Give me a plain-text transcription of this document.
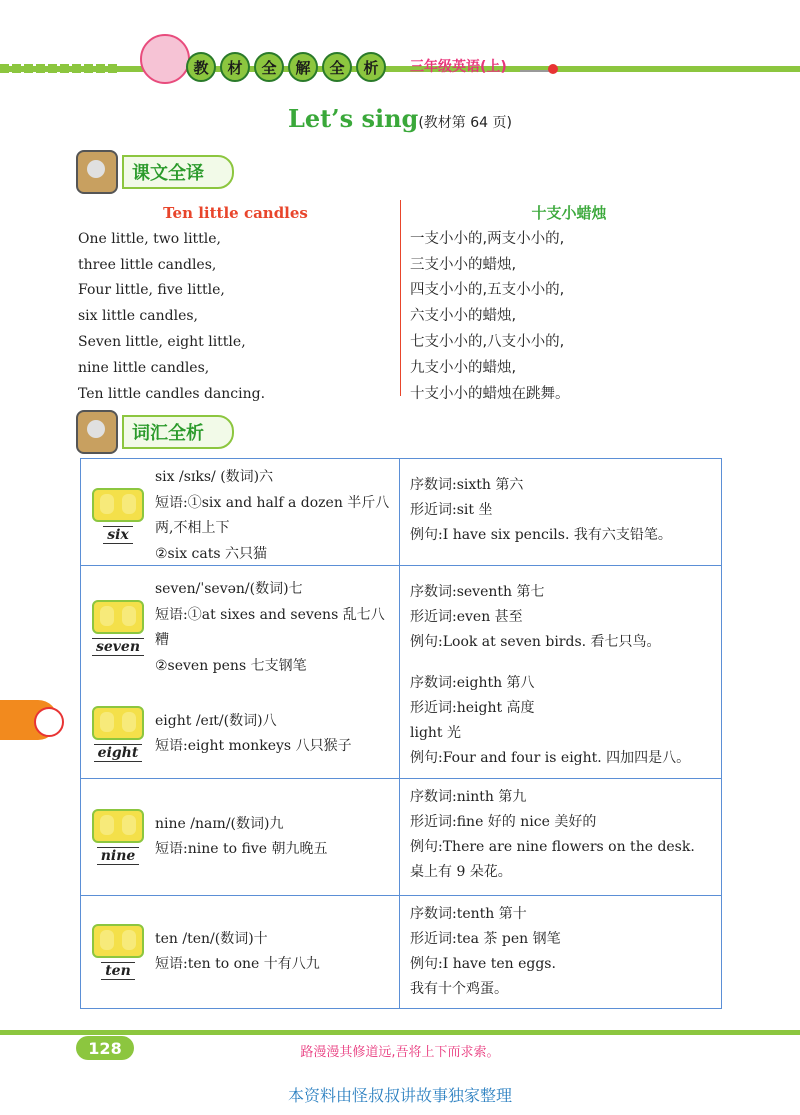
教	材	全	解	全	析	三年级英语(上)
Let’s sing(教材第 64 页)
课文全译
Ten little candles
One little, two little,
three little candles,
Four little, five little,
six little candles,
Seven little, eight little,
nine little candles,
Ten little candles dancing.
十支小蜡烛
一支小小的,两支小小的,
三支小小的蜡烛,
四支小小的,五支小小的,
六支小小的蜡烛,
七支小小的,八支小小的,
九支小小的蜡烛,
十支小小的蜡烛在跳舞。
词汇全析
six
six /sɪks/ (数词)六
短语:①six and half a dozen 半斤八两,不相上下
②six cats 六只猫
序数词:sixth 第六
形近词:sit 坐
例句:I have six pencils. 我有六支铅笔。
seven
seven/ˈsevən/(数词)七
短语:①at sixes and sevens 乱七八糟
②seven pens 七支钢笔
eight
eight /eɪt/(数词)八
短语:eight monkeys 八只猴子
序数词:seventh 第七
形近词:even 甚至
例句:Look at seven birds. 看七只鸟。
序数词:eighth 第八
形近词:height 高度
light 光
例句:Four and four is eight. 四加四是八。
nine
nine /naɪn/(数词)九
短语:nine to five 朝九晚五
序数词:ninth 第九
形近词:fine 好的 nice 美好的
例句:There are nine flowers on the desk.
桌上有 9 朵花。
ten
ten /ten/(数词)十
短语:ten to one 十有八九
序数词:tenth 第十
形近词:tea 茶 pen 钢笔
例句:I have ten eggs.
我有十个鸡蛋。
128	路漫漫其修道远,吾将上下而求索。
本资料由怪叔叔讲故事独家整理
